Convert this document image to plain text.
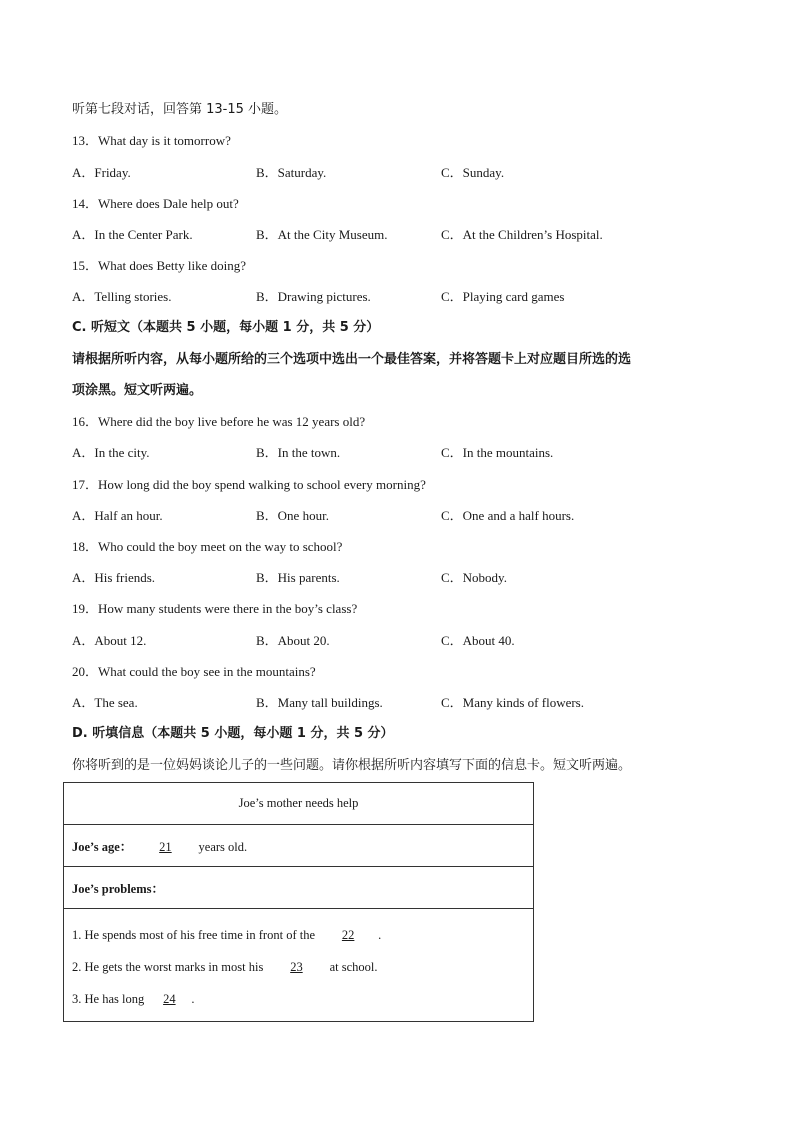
听第七段对话，回答第 13-15 小题。
13．What day is it tomorrow?
A．Friday.	B．Saturday.	C．Sunday.
14．Where does Dale help out?
A．In the Center Park.	B．At the City Museum.	C．At the Children’s Hospital.
15．What does Betty like doing?
A．Telling stories.	B．Drawing pictures.	C．Playing card games
C. 听短文（本题共 5 小题，每小题 1 分，共 5 分）
请根据所听内容，从每小题所给的三个选项中选出一个最佳答案，并将答题卡上对应题目所选的选
项涂黑。短文听两遍。
16．Where did the boy live before he was 12 years old?
A．In the city.	B．In the town.	C．In the mountains.
17．How long did the boy spend walking to school every morning?
A．Half an hour.	B．One hour.	C．One and a half hours.
18．Who could the boy meet on the way to school?
A．His friends.	B．His parents.	C．Nobody.
19．How many students were there in the boy’s class?
A．About 12.	B．About 20.	C．About 40.
20．What could the boy see in the mountains?
A．The sea.	B．Many tall buildings.	C．Many kinds of flowers.
D. 听填信息（本题共 5 小题，每小题 1 分，共 5 分）
你将听到的是一位妈妈谈论儿子的一些问题。请你根据所听内容填写下面的信息卡。短文听两遍。
Joe’s mother needs help
Joe’s age： 21 years old.
Joe’s problems：

1. He spends most of his free time in front of the 22 .
2. He gets the worst marks in most his 23 at school.
3. He has long 24 .
